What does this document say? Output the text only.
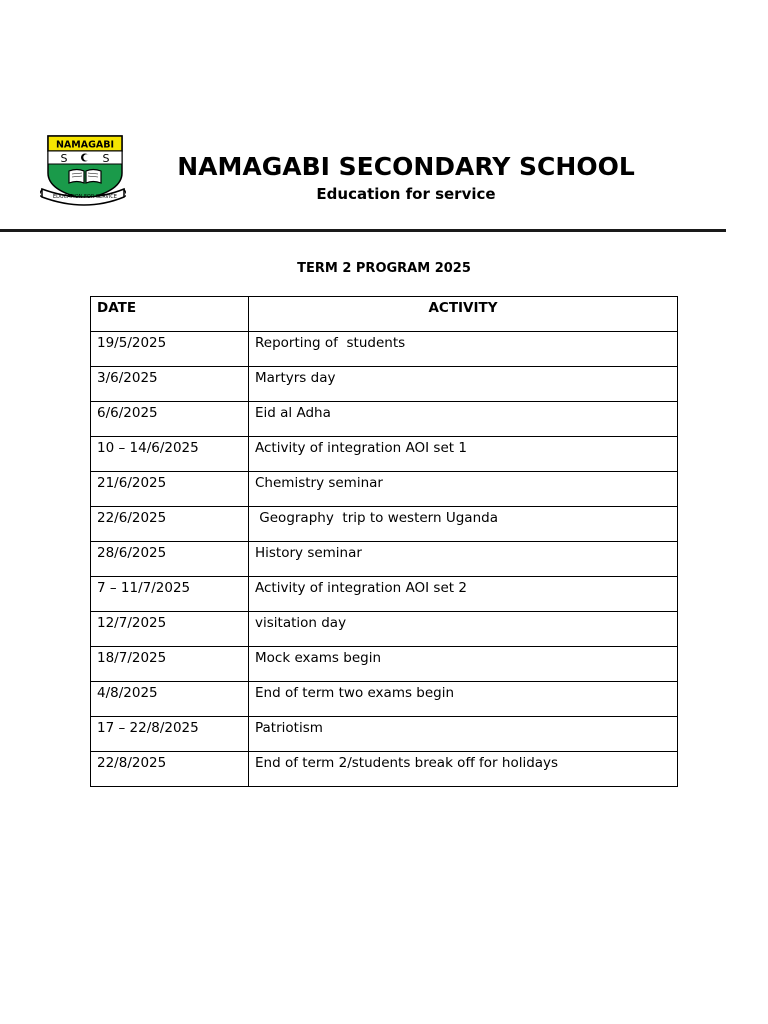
NAMAGABI
S	S
EDUCATION FOR SERVICE
NAMAGABI SECONDARY SCHOOL
Education for service
TERM 2 PROGRAM 2025
DATE	ACTIVITY
19/5/2025	Reporting of  students
3/6/2025	Martyrs day
6/6/2025	Eid al Adha
10 – 14/6/2025	Activity of integration AOI set 1
21/6/2025	Chemistry seminar
22/6/2025	Geography  trip to western Uganda
28/6/2025	History seminar
7 – 11/7/2025	Activity of integration AOI set 2
12/7/2025	visitation day
18/7/2025	Mock exams begin
4/8/2025	End of term two exams begin
17 – 22/8/2025	Patriotism
22/8/2025	End of term 2/students break off for holidays
